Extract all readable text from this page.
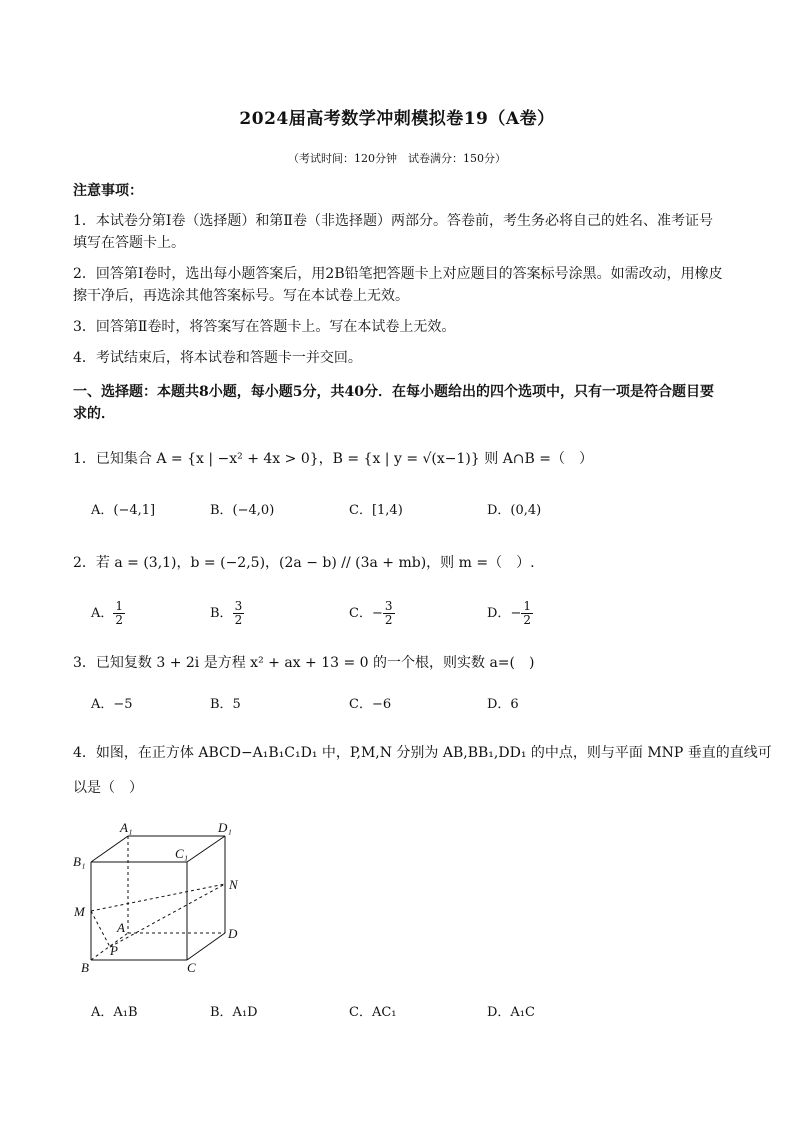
2024届高考数学冲刺模拟卷19（A卷）
（考试时间：120分钟　试卷满分：150分）
注意事项：
1．本试卷分第Ⅰ卷（选择题）和第Ⅱ卷（非选择题）两部分。答卷前，考生务必将自己的姓名、准考证号填写在答题卡上。
2．回答第Ⅰ卷时，选出每小题答案后，用2B铅笔把答题卡上对应题目的答案标号涂黑。如需改动，用橡皮擦干净后，再选涂其他答案标号。写在本试卷上无效。
3．回答第Ⅱ卷时，将答案写在答题卡上。写在本试卷上无效。
4．考试结束后，将本试卷和答题卡一并交回。
一、选择题：本题共8小题，每小题5分，共40分．在每小题给出的四个选项中，只有一项是符合题目要求的．
1．已知集合 A = {x | −x² + 4x > 0}，B = {x | y = √(x−1)} 则 A∩B =（　）
A．(−4,1]	B．(−4,0)	C．[1,4)	D．(0,4)
2．若 a = (3,1)，b = (−2,5)，(2a − b) // (3a + mb)，则 m =（　）.
A． $\frac{1}{2}$	B． $\frac{3}{2}$	C．− $\frac{3}{2}$	D．− $\frac{1}{2}$
3．已知复数 3 + 2i 是方程 x² + ax + 13 = 0 的一个根，则实数 a=(　)
A．−5	B．5	C．−6	D．6
4．如图，在正方体 ABCD−A₁B₁C₁D₁ 中，P,M,N 分别为 AB,BB₁,DD₁ 的中点，则与平面 MNP 垂直的直线可
以是（　）
A₁	D₁
B₁
C₁
N
M
A	D
P
B	C
A．A₁B	B．A₁D	C．AC₁	D．A₁C
